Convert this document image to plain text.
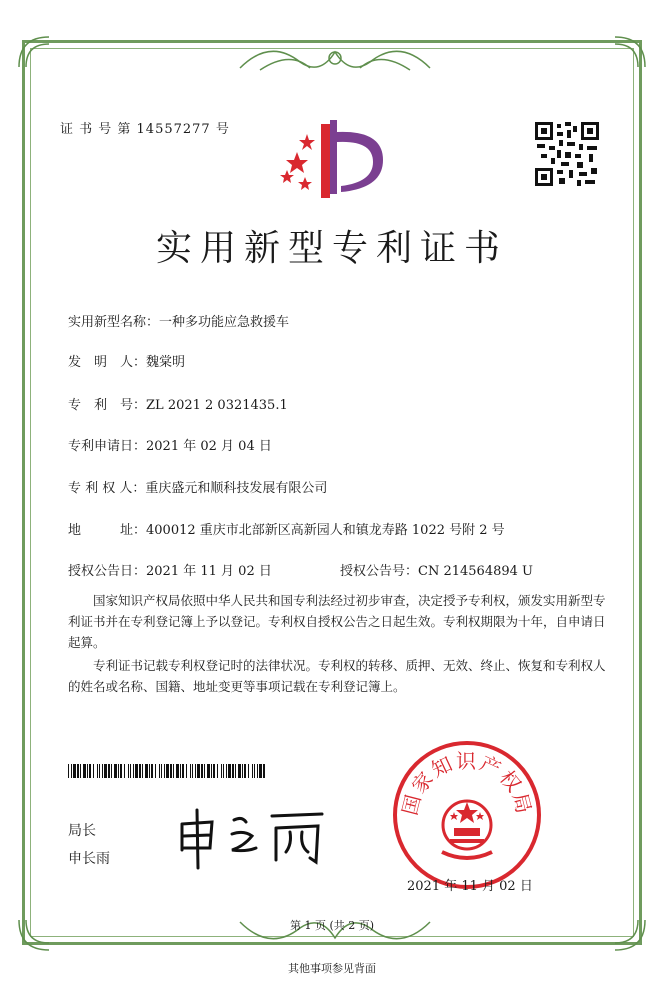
证 书 号 第 14557277 号
实用新型专利证书
实用新型名称：一种多功能应急救援车
发　明　人：魏棠明
专　利　号：ZL 2021 2 0321435.1
专利申请日：2021 年 02 月 04 日
专 利 权 人：重庆盛元和顺科技发展有限公司
地　　　址：400012 重庆市北部新区高新园人和镇龙寿路 1022 号附 2 号
授权公告日：2021 年 11 月 02 日	授权公告号：CN 214564894 U
国家知识产权局依照中华人民共和国专利法经过初步审查，决定授予专利权，颁发实用新型专利证书并在专利登记簿上予以登记。专利权自授权公告之日起生效。专利权期限为十年，自申请日起算。
专利证书记载专利权登记时的法律状况。专利权的转移、质押、无效、终止、恢复和专利权人的姓名或名称、国籍、地址变更等事项记载在专利登记簿上。
局长
申长雨
国家知识产权局
2021 年 11 月 02 日
第 1 页 (共 2 页)
其他事项参见背面
